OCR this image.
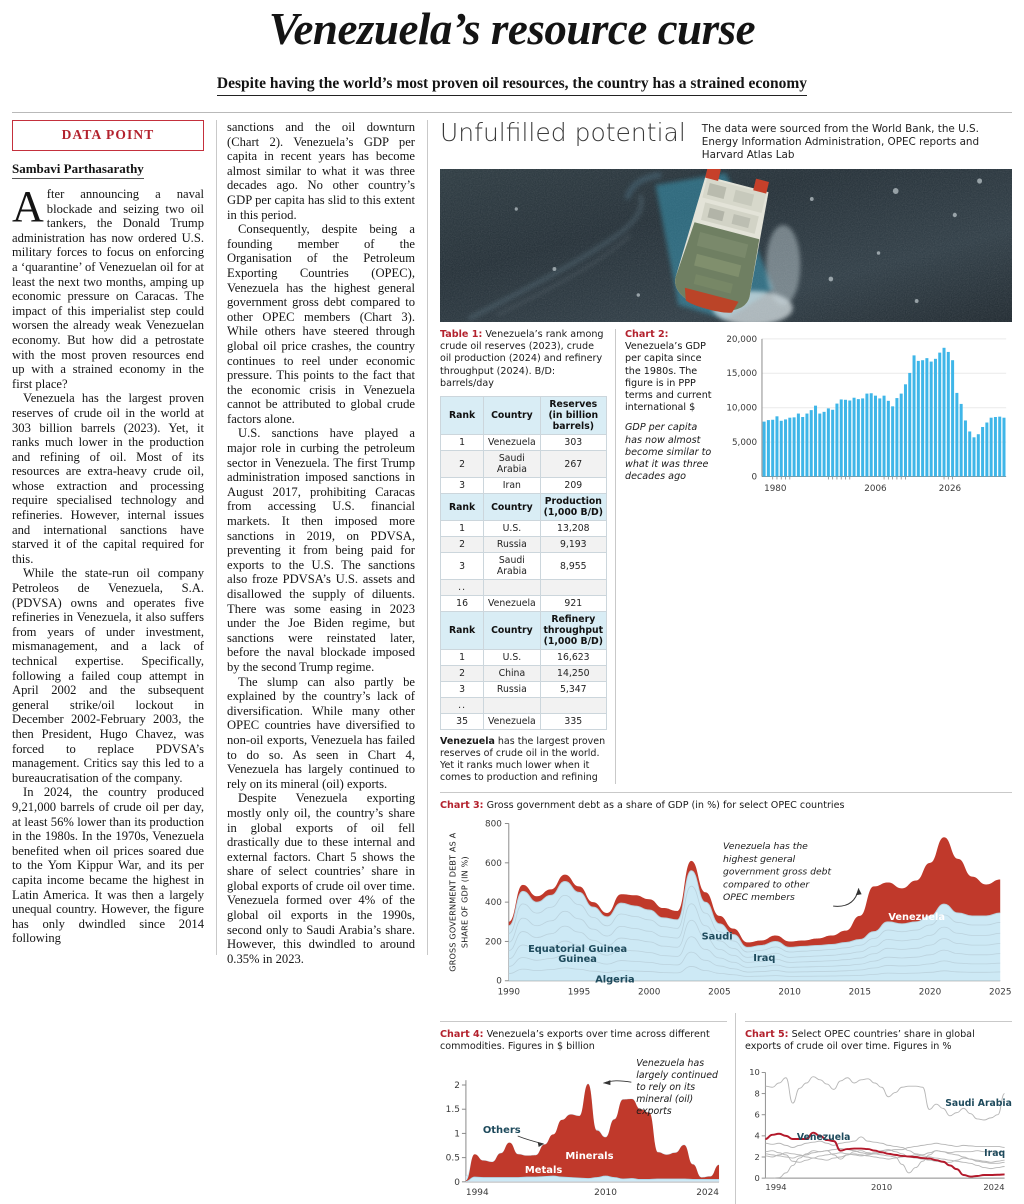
Venezuela’s resource curse
Despite having the world’s most proven oil resources, the country has a strained economy
DATA POINT
Sambavi Parthasarathy

After announcing a naval blockade and seizing two oil tankers, the Donald Trump administration has now ordered U.S. military forces to focus on enforcing a ‘quarantine’ of Venezuelan oil for at least the next two months, amping up economic pressure on Caracas. The impact of this imperialist step could worsen the already weak Venezuelan economy. But how did a petrostate with the most proven resources end up with a strained economy in the first place?

Venezuela has the largest proven reserves of crude oil in the world at 303 billion barrels (2023). Yet, it ranks much lower in the production and refining of oil. Most of its resources are extra-heavy crude oil, whose extraction and processing require specialised technology and refineries. However, internal issues and international sanctions have starved it of the capital required for this.

While the state-run oil company Petroleos de Venezuela, S.A. (PDVSA) owns and operates five refineries in Venezuela, it also suffers from years of under investment, mismanagement, and a lack of technical expertise. Specifically, following a failed coup attempt in April 2002 and the subsequent general strike/oil lockout in December 2002-February 2003, the then President, Hugo Chavez, was forced to replace PDVSA’s management. Critics say this led to a bureaucratisation of the company.

In 2024, the country produced 9,21,000 barrels of crude oil per day, at least 56% lower than its production in the 1980s. In the 1970s, Venezuela benefited when oil prices soared due to the Yom Kippur War, and its per capita income became the highest in Latin America. It was then a largely unequal country. However, the figure has only dwindled since 2014 following

sanctions and the oil downturn (Chart 2). Venezuela’s GDP per capita in recent years has become almost similar to what it was three decades ago. No other country’s GDP per capita has slid to this extent in this period.

Consequently, despite being a founding member of the Organisation of the Petroleum Exporting Countries (OPEC), Venezuela has the highest general government gross debt compared to other OPEC members (Chart 3). While others have steered through global oil price crashes, the country continues to reel under economic pressure. This points to the fact that the economic crisis in Venezuela cannot be attributed to global crude factors alone.

U.S. sanctions have played a major role in curbing the petroleum sector in Venezuela. The first Trump administration imposed sanctions in August 2017, prohibiting Caracas from accessing U.S. financial markets. It then imposed more sanctions in 2019, on PDVSA, preventing it from being paid for exports to the U.S. The sanctions also froze PDVSA’s U.S. assets and disallowed the supply of diluents. There was some easing in 2023 under the Joe Biden regime, but sanctions were reinstated later, before the naval blockade imposed by the second Trump regime.

The slump can also partly be explained by the country’s lack of diversification. While many other OPEC countries have diversified to non-oil exports, Venezuela has failed to do so. As seen in Chart 4, Venezuela has largely continued to rely on its mineral (oil) exports.

Despite Venezuela exporting mostly only oil, the country’s share in global exports of oil fell drastically due to these internal and external factors. Chart 5 shows the share of select countries’ share in global exports of crude oil over time. Venezuela formed over 4% of the global oil exports in the 1990s, second only to Saudi Arabia’s share. However, this dwindled to around 0.35% in 2023.

Unfulfilled potential The data were sourced from the World Bank, the U.S. Energy Information Administration, OPEC reports and Harvard Atlas Lab
Table 1: Venezuela’s rank among crude oil reserves (2023), crude oil production (2024) and refinery throughput (2024). B/D: barrels/day
Rank	Country	Reserves (in billion barrels)
1	Venezuela	303
2	Saudi Arabia	267
3	Iran	209
Rank	Country	Production (1,000 B/D)
1	U.S.	13,208
2	Russia	9,193
3	Saudi Arabia	8,955
..		
16	Venezuela	921
Rank	Country	Refinery throughput (1,000 B/D)
1	U.S.	16,623
2	China	14,250
3	Russia	5,347
..		
35	Venezuela	335
Venezuela has the largest proven reserves of crude oil in the world. Yet it ranks much lower when it comes to production and refining
Chart 2:
Venezuela’s GDP per capita since the 1980s. The figure is in PPP terms and current international $
GDP per capita has now almost become similar to what it was three decades ago	0
5,000
10,000
15,000
20,000
1980	2006	2026
Chart 3: Gross government debt as a share of GDP (in %) for select OPEC countries
0
200
400
600
800
GROSS GOVERNMENT DEBT AS A SHARE OF GDP (IN %)
1990	1995	2000	2005	2010	2015	2020	2025
Equatorial Guinea
Guinea
Algeria
Saudi
Iraq
Venezuela
Venezuela has the
highest general
government gross debt
compared to other
OPEC members
Chart 4: Venezuela’s exports over time across different commodities. Figures in $ billion
0
0.5
1
1.5
2
Others
Minerals
Metals
Venezuela has
largely continued
to rely on its
mineral (oil)
exports
1994	2010	2024
Chart 5: Select OPEC countries’ share in global exports of crude oil over time. Figures in %
0
2
4
6
8
10
Saudi Arabia
Venezuela
Iraq
1994	2010	2024
